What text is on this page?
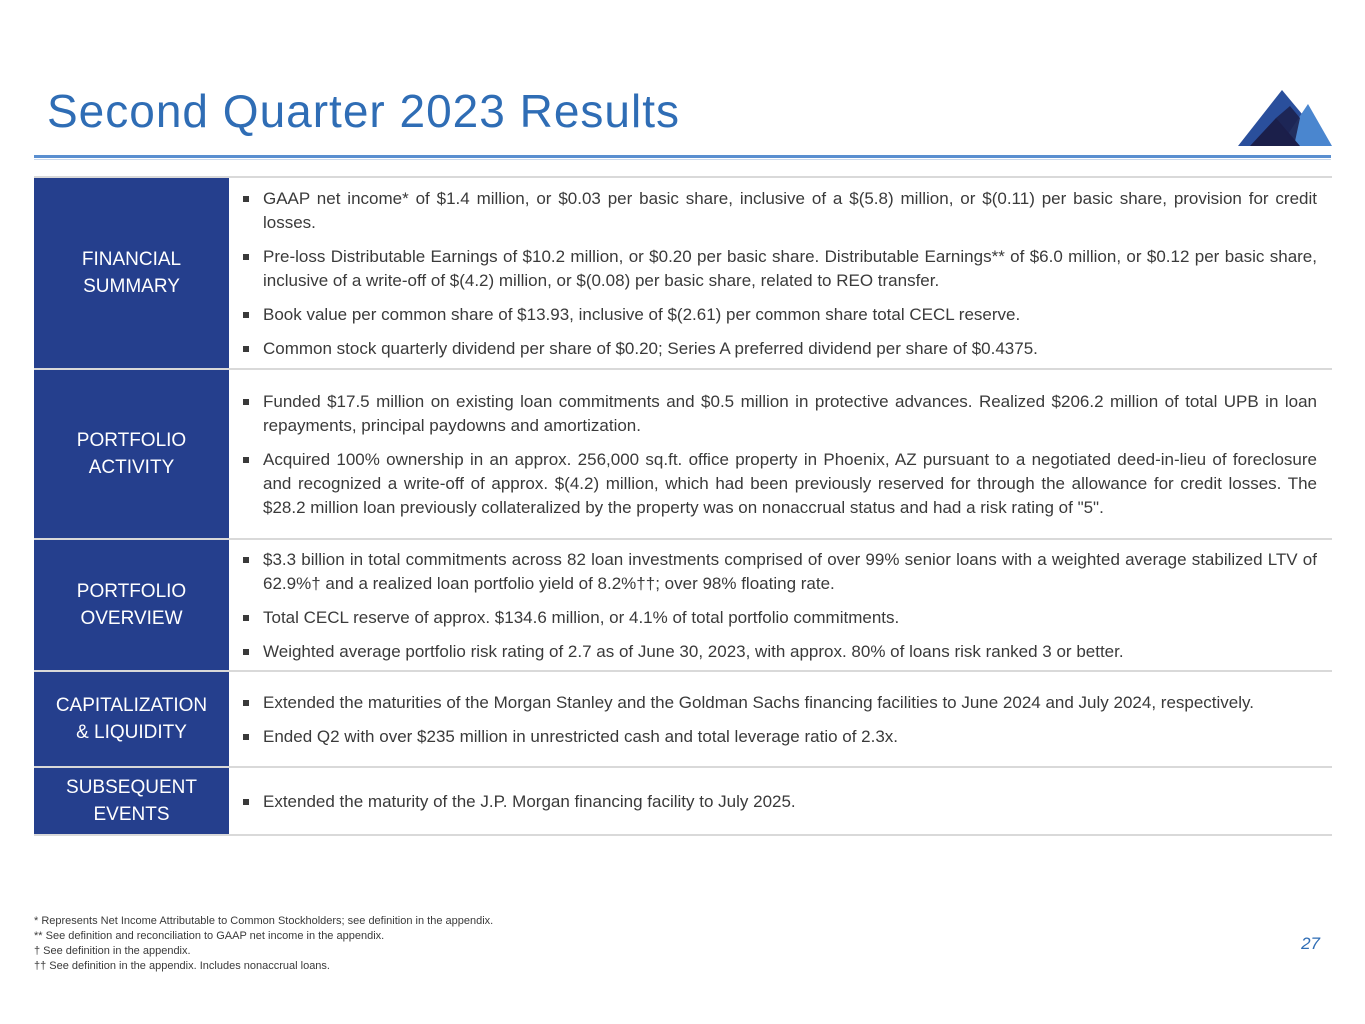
Second Quarter 2023 Results
FINANCIAL
SUMMARY
GAAP net income* of $1.4 million, or $0.03 per basic share, inclusive of a $(5.8) million, or $(0.11) per basic share, provision for credit losses.
Pre-loss Distributable Earnings of $10.2 million, or $0.20 per basic share. Distributable Earnings** of $6.0 million, or $0.12 per basic share, inclusive of a write-off of $(4.2) million, or $(0.08) per basic share, related to REO transfer.
Book value per common share of $13.93, inclusive of $(2.61) per common share total CECL reserve.
Common stock quarterly dividend per share of $0.20; Series A preferred dividend per share of $0.4375.
PORTFOLIO
ACTIVITY
Funded $17.5 million on existing loan commitments and $0.5 million in protective advances. Realized $206.2 million of total UPB in loan repayments, principal paydowns and amortization.
Acquired 100% ownership in an approx. 256,000 sq.ft. office property in Phoenix, AZ pursuant to a negotiated deed-in-lieu of foreclosure and recognized a write-off of approx. $(4.2) million, which had been previously reserved for through the allowance for credit losses. The $28.2 million loan previously collateralized by the property was on nonaccrual status and had a risk rating of "5".
PORTFOLIO
OVERVIEW
$3.3 billion in total commitments across 82 loan investments comprised of over 99% senior loans with a weighted average stabilized LTV of 62.9%† and a realized loan portfolio yield of 8.2%††; over 98% floating rate.
Total CECL reserve of approx. $134.6 million, or 4.1% of total portfolio commitments.
Weighted average portfolio risk rating of 2.7 as of June 30, 2023, with approx. 80% of loans risk ranked 3 or better.
CAPITALIZATION
& LIQUIDITY
Extended the maturities of the Morgan Stanley and the Goldman Sachs financing facilities to June 2024 and July 2024, respectively.
Ended Q2 with over $235 million in unrestricted cash and total leverage ratio of 2.3x.
SUBSEQUENT
EVENTS
Extended the maturity of the J.P. Morgan financing facility to July 2025.
* Represents Net Income Attributable to Common Stockholders; see definition in the appendix.
** See definition and reconciliation to GAAP net income in the appendix.
† See definition in the appendix.
†† See definition in the appendix. Includes nonaccrual loans.
27
